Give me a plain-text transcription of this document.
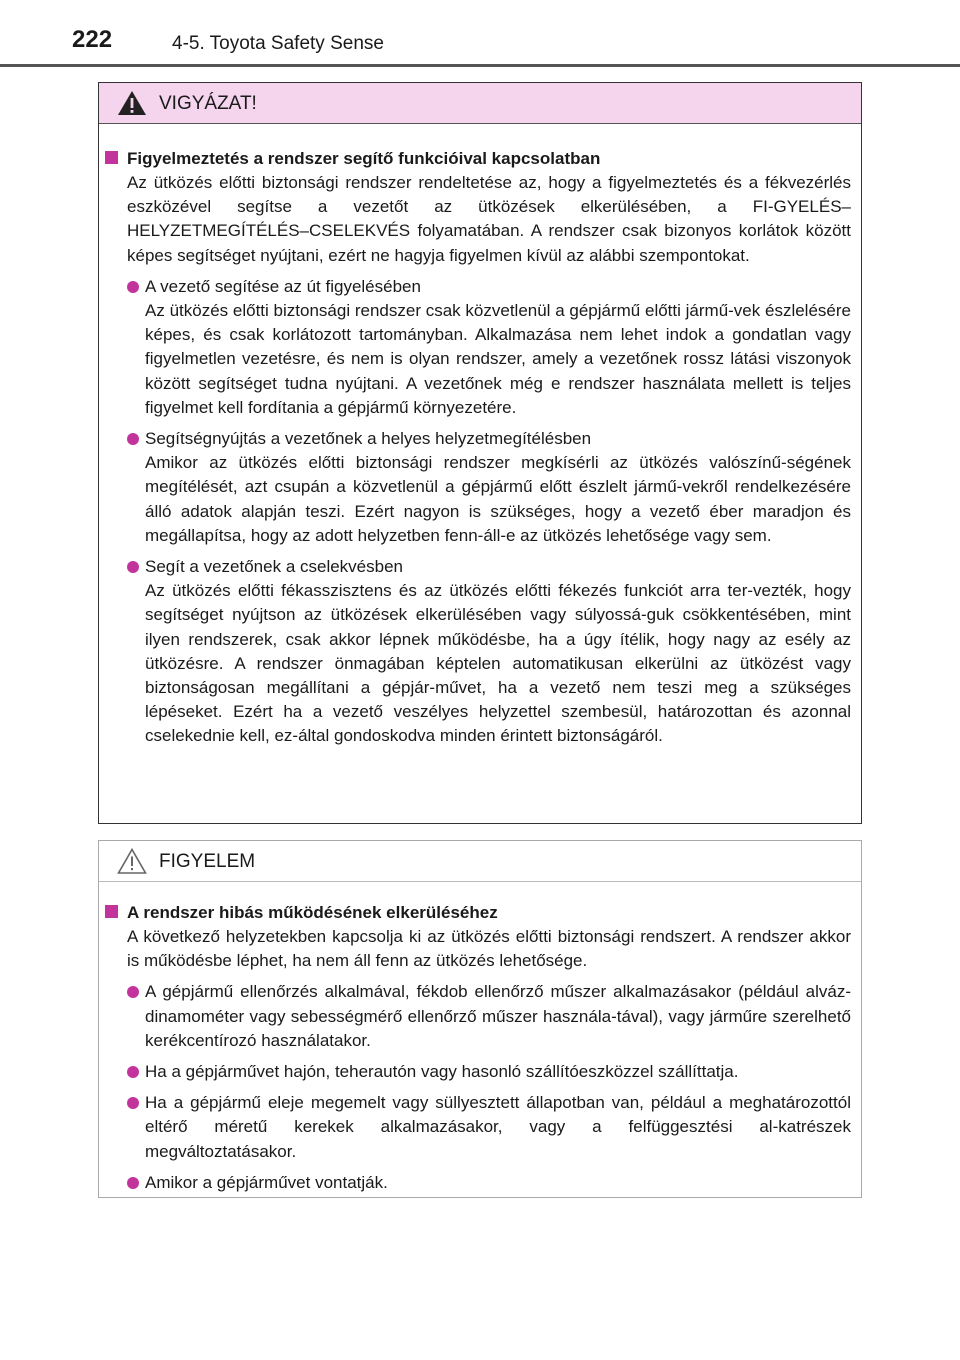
222	4-5. Toyota Safety Sense
VIGYÁZAT!
Figyelmeztetés a rendszer segítő funkcióival kapcsolatban
Az ütközés előtti biztonsági rendszer rendeltetése az, hogy a figyelmeztetés és a fékvezérlés eszközével segítse a vezetőt az ütközések elkerülésében, a FI-GYELÉS–HELYZETMEGÍTÉLÉS–CSELEKVÉS folyamatában. A rendszer csak bizonyos korlátok között képes segítséget nyújtani, ezért ne hagyja figyelmen kívül az alábbi szempontokat.
A vezető segítése az út figyelésében
Az ütközés előtti biztonsági rendszer csak közvetlenül a gépjármű előtti jármű-vek észlelésére képes, és csak korlátozott tartományban. Alkalmazása nem lehet indok a gondatlan vagy figyelmetlen vezetésre, és nem is olyan rendszer, amely a vezetőnek rossz látási viszonyok között segítséget tudna nyújtani. A vezetőnek még e rendszer használata mellett is teljes figyelmet kell fordítania a gépjármű környezetére.
Segítségnyújtás a vezetőnek a helyes helyzetmegítélésben
Amikor az ütközés előtti biztonsági rendszer megkísérli az ütközés valószínű-ségének megítélését, azt csupán a közvetlenül a gépjármű előtt észlelt jármű-vekről rendelkezésére álló adatok alapján teszi. Ezért nagyon is szükséges, hogy a vezető éber maradjon és megállapítsa, hogy az adott helyzetben fenn-áll-e az ütközés lehetősége vagy sem.
Segít a vezetőnek a cselekvésben
Az ütközés előtti fékasszisztens és az ütközés előtti fékezés funkciót arra ter-vezték, hogy segítséget nyújtson az ütközések elkerülésében vagy súlyossá-guk csökkentésében, mint ilyen rendszerek, csak akkor lépnek működésbe, ha a úgy ítélik, hogy nagy az esély az ütközésre. A rendszer önmagában képtelen automatikusan elkerülni az ütközést vagy biztonságosan megállítani a gépjár-művet, ha a vezető nem teszi meg a szükséges lépéseket. Ezért ha a vezető veszélyes helyzettel szembesül, határozottan és azonnal cselekednie kell, ez-által gondoskodva minden érintett biztonságáról.
FIGYELEM
A rendszer hibás működésének elkerüléséhez
A következő helyzetekben kapcsolja ki az ütközés előtti biztonsági rendszert. A rendszer akkor is működésbe léphet, ha nem áll fenn az ütközés lehetősége.
A gépjármű ellenőrzés alkalmával, fékdob ellenőrző műszer alkalmazásakor (például alváz-dinamométer vagy sebességmérő ellenőrző műszer használa-tával), vagy járműre szerelhető kerékcentírozó használatakor.
Ha a gépjárművet hajón, teherautón vagy hasonló szállítóeszközzel szállíttatja.
Ha a gépjármű eleje megemelt vagy süllyesztett állapotban van, például a meghatározottól eltérő méretű kerekek alkalmazásakor, vagy a felfüggesztési al-katrészek megváltoztatásakor.
Amikor a gépjárművet vontatják.
